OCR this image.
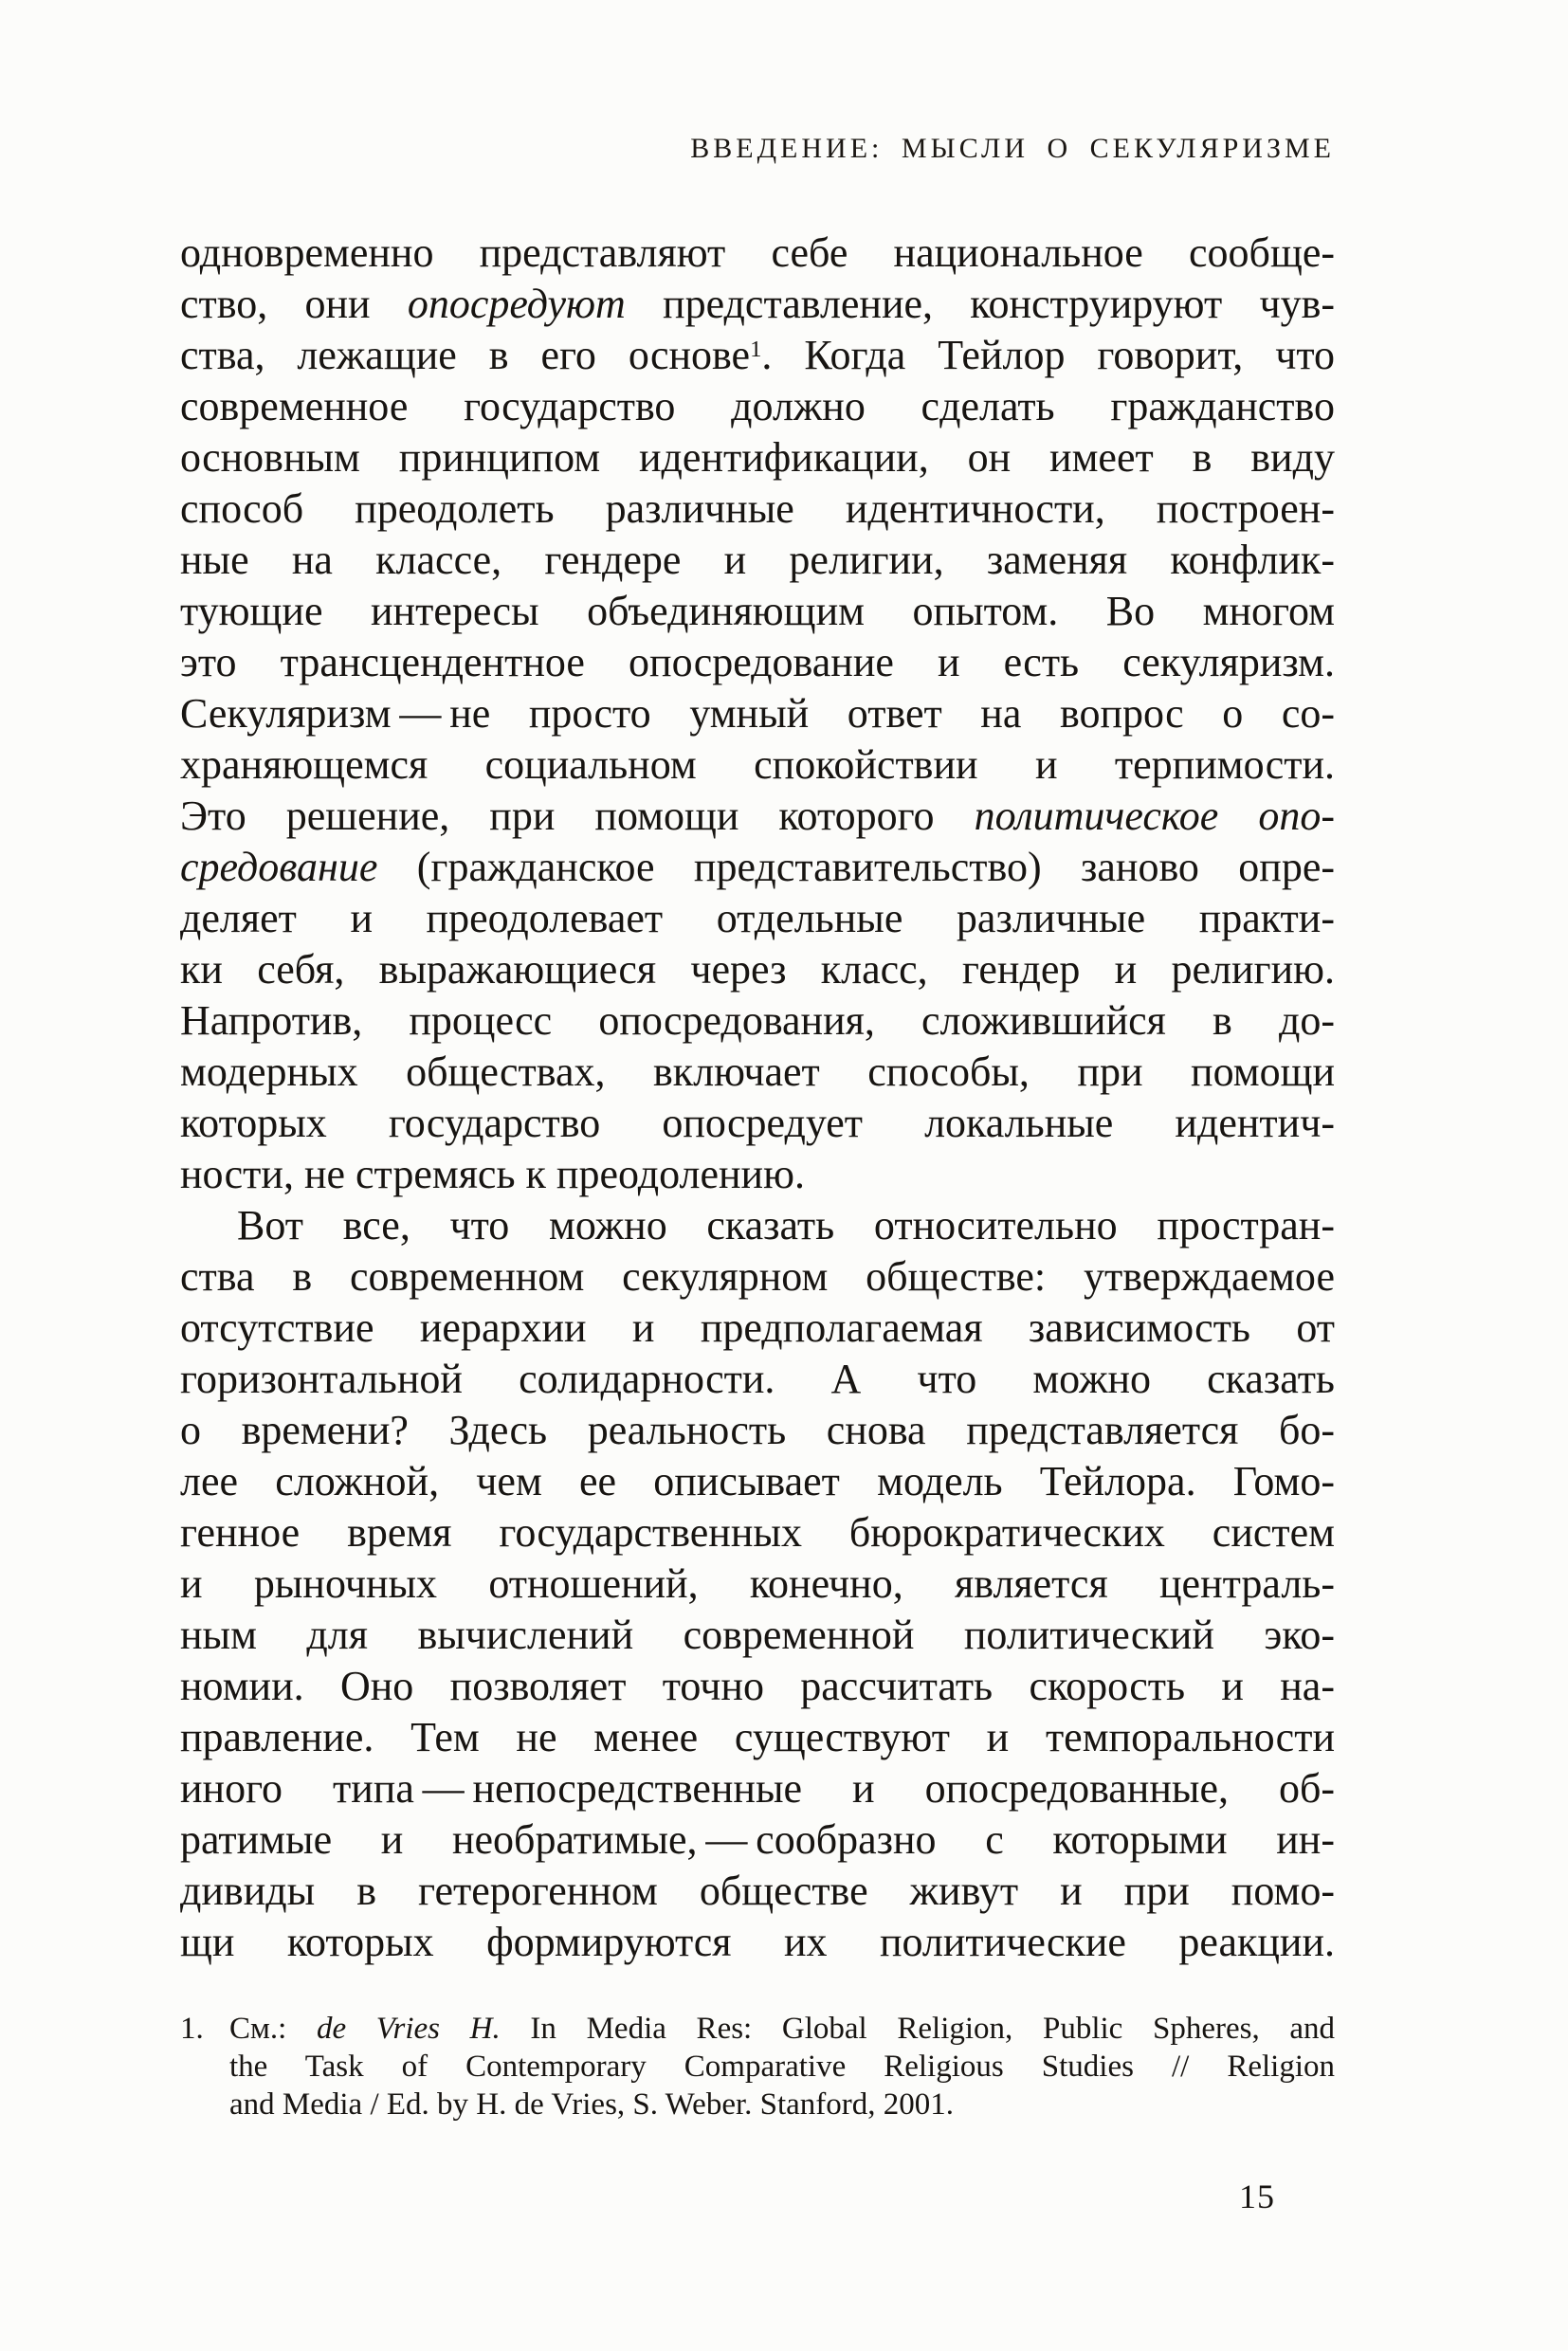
ВВЕДЕНИЕ: МЫСЛИ О СЕКУЛЯРИЗМЕ
одновременно представляют себе национальное сообще-
ство, они опосредуют представление, конструируют чув-
ства, лежащие в его основе$^1$. Когда Тейлор говорит, что
современное государство должно сделать гражданство
основным принципом идентификации, он имеет в виду
способ преодолеть различные идентичности, построен-
ные на классе, гендере и религии, заменяя конфлик-
тующие интересы объединяющим опытом. Во многом
это трансцендентное опосредование и есть секуляризм.
Секуляризм — не просто умный ответ на вопрос о со-
храняющемся социальном спокойствии и терпимости.
Это решение, при помощи которого политическое опо-
средование (гражданское представительство) заново опре-
деляет и преодолевает отдельные различные практи-
ки себя, выражающиеся через класс, гендер и религию.
Напротив, процесс опосредования, сложившийся в до-
модерных обществах, включает способы, при помощи
которых государство опосредует локальные идентич-
ности, не стремясь к преодолению.
Вот все, что можно сказать относительно простран-
ства в современном секулярном обществе: утверждаемое
отсутствие иерархии и предполагаемая зависимость от
горизонтальной солидарности. А что можно сказать
о времени? Здесь реальность снова представляется бо-
лее сложной, чем ее описывает модель Тейлора. Гомо-
генное время государственных бюрократических систем
и рыночных отношений, конечно, является централь-
ным для вычислений современной политический эко-
номии. Оно позволяет точно рассчитать скорость и на-
правление. Тем не менее существуют и темпоральности
иного типа — непосредственные и опосредованные, об-
ратимые и необратимые, — сообразно с которыми ин-
дивиды в гетерогенном обществе живут и при помо-
щи которых формируются их политические реакции.
1. См.: de Vries H. In Media Res: Global Religion, Public Spheres, and
the Task of Contemporary Comparative Religious Studies // Religion
and Media / Ed. by H. de Vries, S. Weber. Stanford, 2001.
15
